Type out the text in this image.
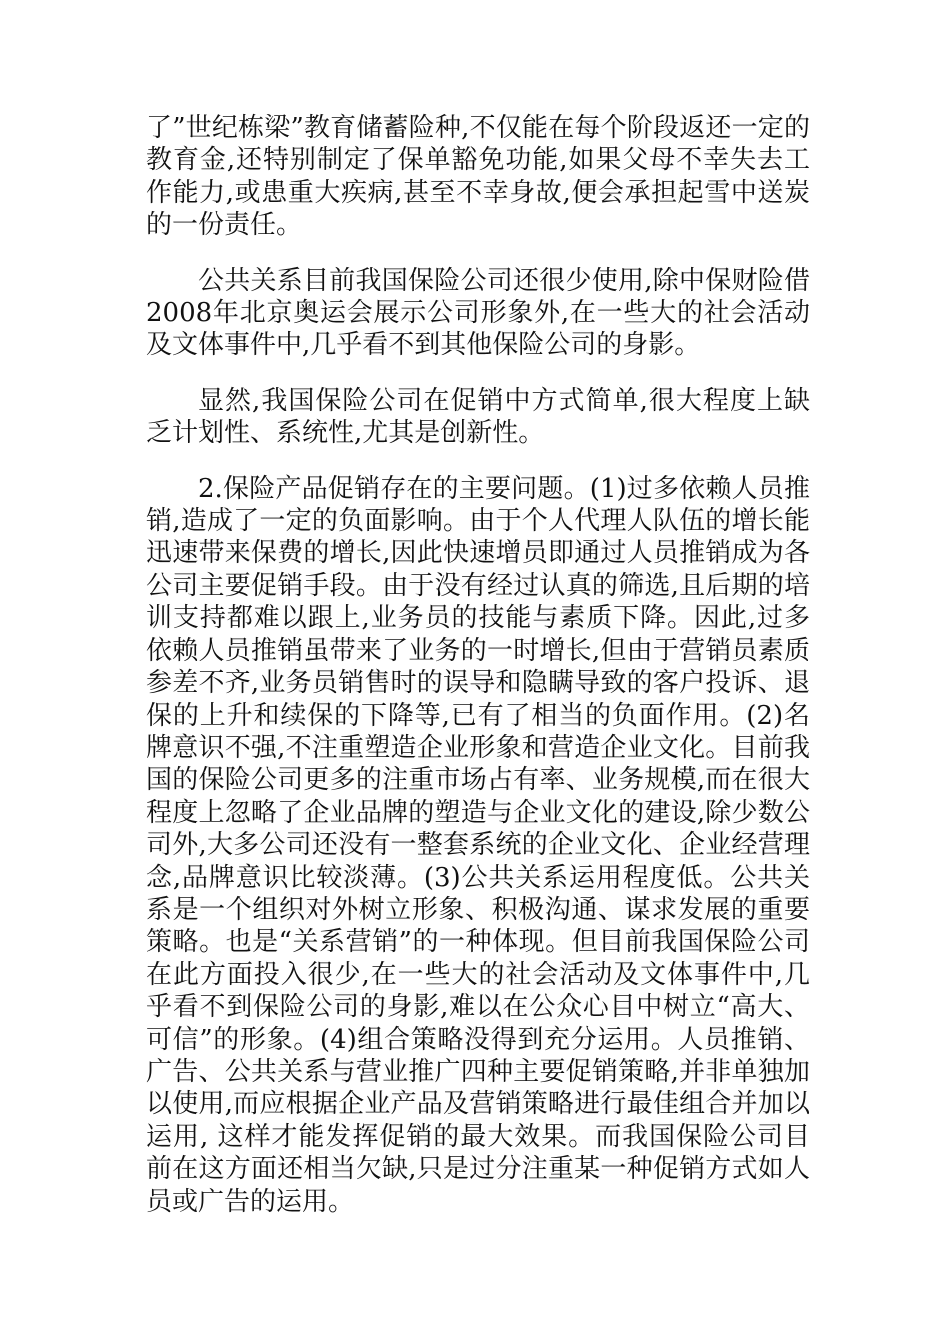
了”世纪栋梁”教育储蓄险种,不仅能在每个阶段返还一定的教育金,还特别制定了保单豁免功能,如果父母不幸失去工作能力,或患重大疾病,甚至不幸身故,便会承担起雪中送炭的一份责任。

公共关系目前我国保险公司还很少使用,除中保财险借2008年北京奥运会展示公司形象外,在一些大的社会活动及文体事件中,几乎看不到其他保险公司的身影。

显然,我国保险公司在促销中方式简单,很大程度上缺乏计划性、系统性,尤其是创新性。

2.保险产品促销存在的主要问题。(1)过多依赖人员推销,造成了一定的负面影响。由于个人代理人队伍的增长能迅速带来保费的增长,因此快速增员即通过人员推销成为各公司主要促销手段。由于没有经过认真的筛选,且后期的培训支持都难以跟上,业务员的技能与素质下降。因此,过多依赖人员推销虽带来了业务的一时增长,但由于营销员素质参差不齐,业务员销售时的误导和隐瞒导致的客户投诉、退保的上升和续保的下降等,已有了相当的负面作用。(2)名牌意识不强,不注重塑造企业形象和营造企业文化。目前我国的保险公司更多的注重市场占有率、业务规模,而在很大程度上忽略了企业品牌的塑造与企业文化的建设,除少数公司外,大多公司还没有一整套系统的企业文化、企业经营理念,品牌意识比较淡薄。(3)公共关系运用程度低。公共关系是一个组织对外树立形象、积极沟通、谋求发展的重要策略。也是“关系营销”的一种体现。但目前我国保险公司在此方面投入很少,在一些大的社会活动及文体事件中,几乎看不到保险公司的身影,难以在公众心目中树立“高大、可信”的形象。(4)组合策略没得到充分运用。人员推销、广告、公共关系与营业推广四种主要促销策略,并非单独加以使用,而应根据企业产品及营销策略进行最佳组合并加以运用, 这样才能发挥促销的最大效果。而我国保险公司目前在这方面还相当欠缺,只是过分注重某一种促销方式如人员或广告的运用。
